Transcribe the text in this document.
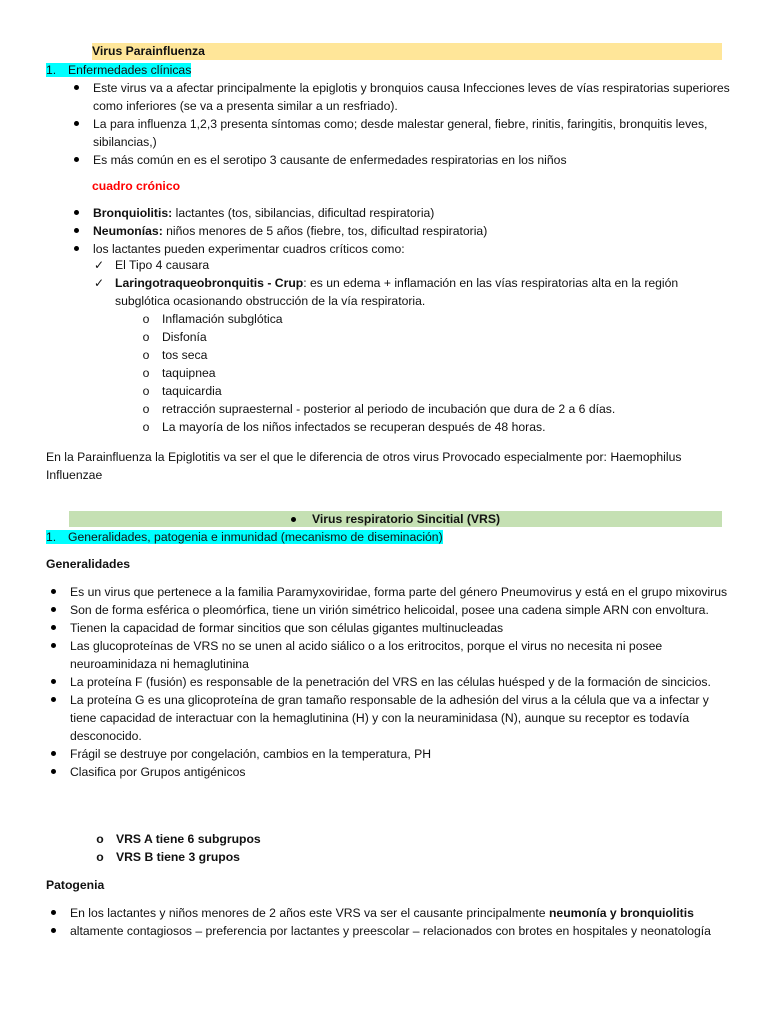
Virus Parainfluenza
1. Enfermedades clínicas
Este virus va a afectar principalmente la epiglotis y bronquios causa Infecciones leves de vías respiratorias superiores como inferiores (se va a presenta similar a un resfriado).
La para influenza 1,2,3 presenta síntomas como; desde malestar general, fiebre, rinitis, faringitis, bronquitis leves, sibilancias,)
Es más común en es el serotipo 3 causante de enfermedades respiratorias en los niños
cuadro crónico
Bronquiolitis: lactantes (tos, sibilancias, dificultad respiratoria)
Neumonías: niños menores de 5 años (fiebre, tos, dificultad respiratoria)
los lactantes pueden experimentar cuadros críticos como:
✓ El Tipo 4 causara
✓ Laringotraqueobronquitis - Crup: es un edema + inflamación en las vías respiratorias alta en la región subglótica ocasionando obstrucción de la vía respiratoria.
o	Inflamación subglótica
o	Disfonía
o	tos seca
o	taquipnea
o	taquicardia
o	retracción supraesternal - posterior al periodo de incubación que dura de 2 a 6 días.
o	La mayoría de los niños infectados se recuperan después de 48 horas.
En la Parainfluenza la Epiglotitis va ser el que le diferencia de otros virus Provocado especialmente por: Haemophilus Influenzae
Virus respiratorio Sincitial (VRS)
1. Generalidades, patogenia e inmunidad (mecanismo de diseminación)
Generalidades
Es un virus que pertenece a la familia Paramyxoviridae, forma parte del género Pneumovirus y está en el grupo mixovirus
Son de forma esférica o pleomórfica, tiene un virión simétrico helicoidal, posee una cadena simple ARN con envoltura.
Tienen la capacidad de formar sincitios que son células gigantes multinucleadas
Las glucoproteínas de VRS no se unen al acido siálico o a los eritrocitos, porque el virus no necesita ni posee neuroaminidaza ni hemaglutinina
La proteína F (fusión) es responsable de la penetración del VRS en las células huésped y de la formación de sincicios.
La proteína G es una glicoproteína de gran tamaño responsable de la adhesión del virus a la célula que va a infectar y tiene capacidad de interactuar con la hemaglutinina (H) y con la neuraminidasa (N), aunque su receptor es todavía desconocido.
Frágil se destruye por congelación, cambios en la temperatura, PH
Clasifica por Grupos antigénicos
o	VRS A tiene 6 subgrupos
o	VRS B tiene 3 grupos
Patogenia
En los lactantes y niños menores de 2 años este VRS va ser el causante principalmente neumonía y bronquiolitis
altamente contagiosos – preferencia por lactantes y preescolar – relacionados con brotes en hospitales y neonatología
